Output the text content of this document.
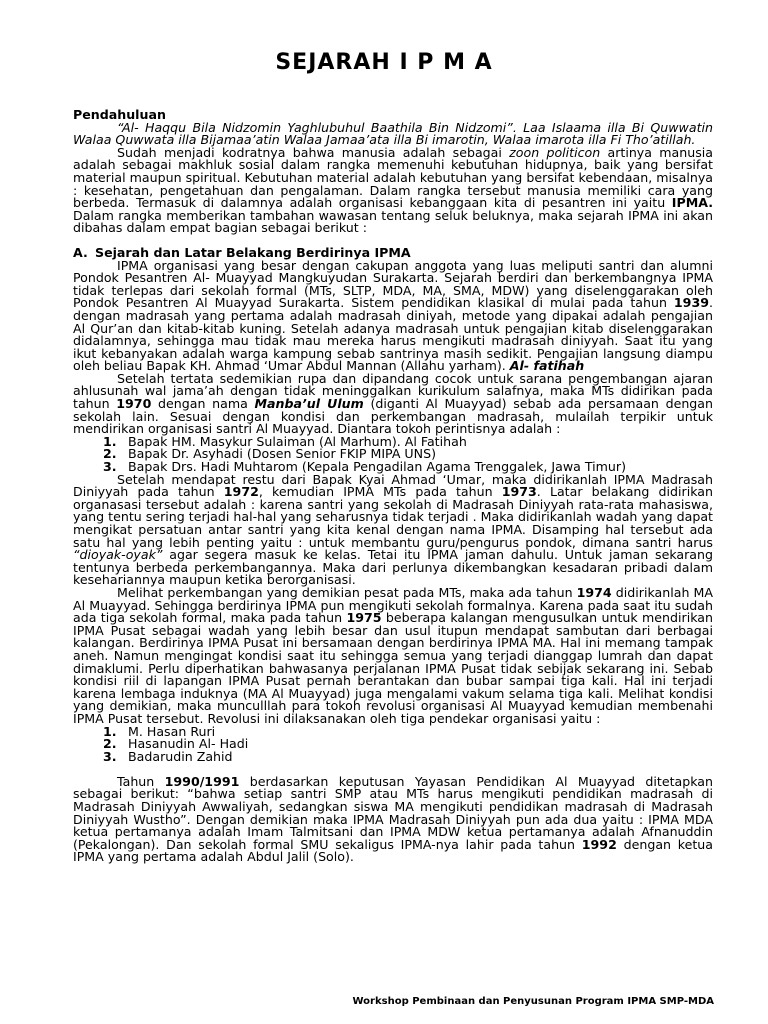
SEJARAH I P M A

Pendahuluan

“Al- Haqqu Bila Nidzomin Yaghlubuhul Baathila Bin Nidzomi”. Laa Islaama illa Bi Quwwatin Walaa Quwwata illa Bijamaa’atin Walaa Jamaa’ata illa Bi imarotin, Walaa imarota illa Fi Tho’atillah.

Sudah menjadi kodratnya bahwa manusia adalah sebagai zoon politicon artinya manusia adalah sebagai makhluk sosial dalam rangka memenuhi kebutuhan hidupnya, baik yang bersifat material maupun spiritual. Kebutuhan material adalah kebutuhan yang bersifat kebendaan, misalnya : kesehatan, pengetahuan dan pengalaman. Dalam rangka tersebut manusia memiliki cara yang berbeda. Termasuk di dalamnya adalah organisasi kebanggaan kita di pesantren ini yaitu IPMA. Dalam rangka memberikan tambahan wawasan tentang seluk beluknya, maka sejarah IPMA ini akan dibahas dalam empat bagian sebagai berikut :

A. Sejarah dan Latar Belakang Berdirinya IPMA

IPMA organisasi yang besar dengan cakupan anggota yang luas meliputi santri dan alumni Pondok Pesantren Al- Muayyad Mangkuyudan Surakarta. Sejarah berdiri dan berkembangnya IPMA tidak terlepas dari sekolah formal (MTs, SLTP, MDA, MA, SMA, MDW) yang diselenggarakan oleh Pondok Pesantren Al Muayyad Surakarta. Sistem pendidikan klasikal di mulai pada tahun 1939. dengan madrasah yang pertama adalah madrasah diniyah, metode yang dipakai adalah pengajian Al Qur’an dan kitab-kitab kuning. Setelah adanya madrasah untuk pengajian kitab diselenggarakan didalamnya, sehingga mau tidak mau mereka harus mengikuti madrasah diniyyah. Saat itu yang ikut kebanyakan adalah warga kampung sebab santrinya masih sedikit. Pengajian langsung diampu oleh beliau Bapak KH. Ahmad ‘Umar Abdul Mannan (Allahu yarham). Al- fatihah

Setelah tertata sedemikian rupa dan dipandang cocok untuk sarana pengembangan ajaran ahlusunah wal jama’ah dengan tidak meninggalkan kurikulum salafnya, maka MTs didirikan pada tahun 1970 dengan nama Manba’ul Ulum (diganti Al Muayyad) sebab ada persamaan dengan sekolah lain. Sesuai dengan kondisi dan perkembangan madrasah, mulailah terpikir untuk mendirikan organisasi santri Al Muayyad. Diantara tokoh perintisnya adalah :

1. Bapak HM. Masykur Sulaiman (Al Marhum). Al Fatihah
2. Bapak Dr. Asyhadi (Dosen Senior FKIP MIPA UNS)
3. Bapak Drs. Hadi Muhtarom (Kepala Pengadilan Agama Trenggalek, Jawa Timur)

Setelah mendapat restu dari Bapak Kyai Ahmad ‘Umar, maka didirikanlah IPMA Madrasah Diniyyah pada tahun 1972, kemudian IPMA MTs pada tahun 1973. Latar belakang didirikan organasasi tersebut adalah : karena santri yang sekolah di Madrasah Diniyyah rata-rata mahasiswa, yang tentu sering terjadi hal-hal yang seharusnya tidak terjadi . Maka didirikanlah wadah yang dapat mengikat persatuan antar santri yang kita kenal dengan nama IPMA. Disamping hal tersebut ada satu hal yang lebih penting yaitu : untuk membantu guru/pengurus pondok, dimana santri harus “dioyak-oyak” agar segera masuk ke kelas. Tetai itu IPMA jaman dahulu. Untuk jaman sekarang tentunya berbeda perkembangannya. Maka dari perlunya dikembangkan kesadaran pribadi dalam kesehariannya maupun ketika berorganisasi.

Melihat perkembangan yang demikian pesat pada MTs, maka ada tahun 1974 didirikanlah MA Al Muayyad. Sehingga berdirinya IPMA pun mengikuti sekolah formalnya. Karena pada saat itu sudah ada tiga sekolah formal, maka pada tahun 1975 beberapa kalangan mengusulkan untuk mendirikan IPMA Pusat sebagai wadah yang lebih besar dan usul itupun mendapat sambutan dari berbagai kalangan. Berdirinya IPMA Pusat ini bersamaan dengan berdirinya IPMA MA. Hal ini memang tampak aneh. Namun mengingat kondisi saat itu sehingga semua yang terjadi dianggap lumrah dan dapat dimaklumi. Perlu diperhatikan bahwasanya perjalanan IPMA Pusat tidak sebijak sekarang ini. Sebab kondisi riil di lapangan IPMA Pusat pernah berantakan dan bubar sampai tiga kali. Hal ini terjadi karena lembaga induknya (MA Al Muayyad) juga mengalami vakum selama tiga kali. Melihat kondisi yang demikian, maka munculllah para tokoh revolusi organisasi Al Muayyad kemudian membenahi IPMA Pusat tersebut. Revolusi ini dilaksanakan oleh tiga pendekar organisasi yaitu :

1. M. Hasan Ruri
2. Hasanudin Al- Hadi
3. Badarudin Zahid

Tahun 1990/1991 berdasarkan keputusan Yayasan Pendidikan Al Muayyad ditetapkan sebagai berikut: “bahwa setiap santri SMP atau MTs harus mengikuti pendidikan madrasah di Madrasah Diniyyah Awwaliyah, sedangkan siswa MA mengikuti pendidikan madrasah di Madrasah Diniyyah Wustho”. Dengan demikian maka IPMA Madrasah Diniyyah pun ada dua yaitu : IPMA MDA ketua pertamanya adalah Imam Talmitsani dan IPMA MDW ketua pertamanya adalah Afnanuddin (Pekalongan). Dan sekolah formal SMU sekaligus IPMA-nya lahir pada tahun 1992 dengan ketua IPMA yang pertama adalah Abdul Jalil (Solo).

Workshop Pembinaan dan Penyusunan Program IPMA SMP-MDA
